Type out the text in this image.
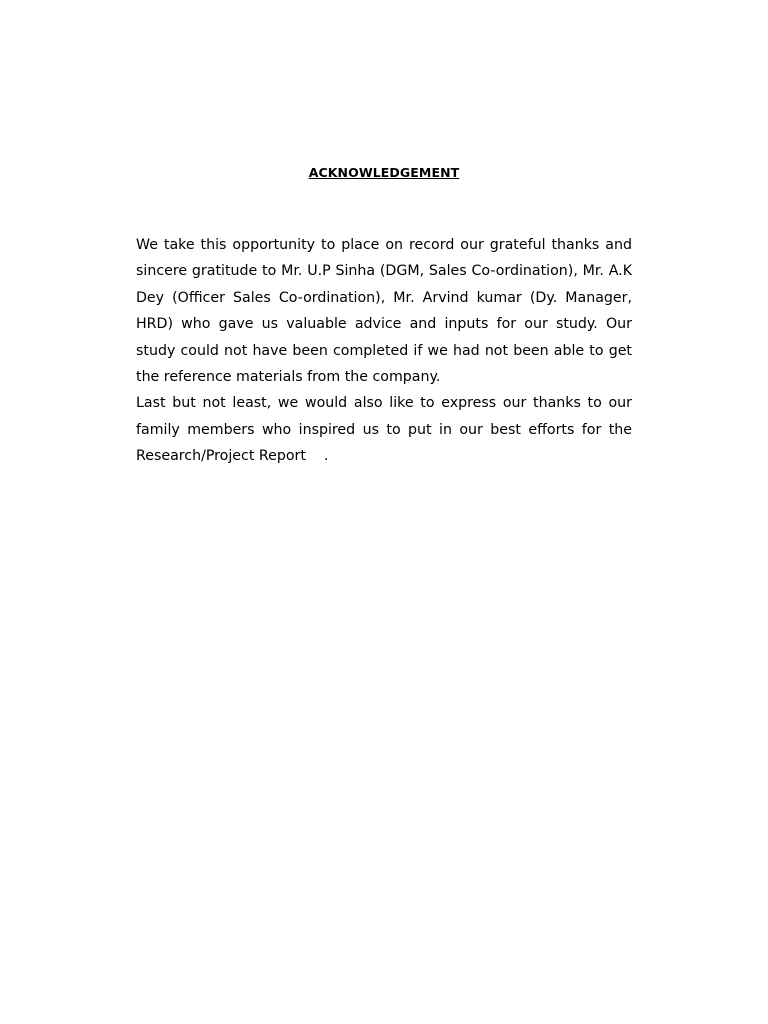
ACKNOWLEDGEMENT

We take this opportunity to place on record our grateful thanks and sincere gratitude to Mr. U.P Sinha (DGM, Sales Co-ordination), Mr. A.K Dey (Officer Sales Co-ordination), Mr. Arvind kumar (Dy. Manager, HRD) who gave us valuable advice and inputs for our study. Our study could not have been completed if we had not been able to get the reference materials from the company.

Last but not least, we would also like to express our thanks to our family members who inspired us to put in our best efforts for the Research/Project Report    .
